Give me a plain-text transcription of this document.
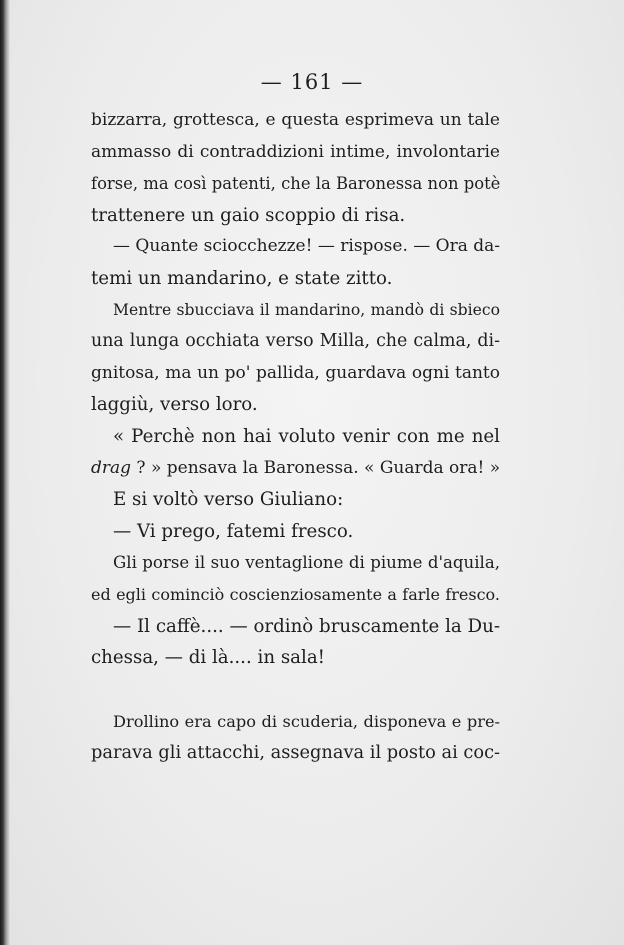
— 161 —
bizzarra, grottesca, e questa esprimeva un tale
ammasso di contraddizioni intime, involontarie
forse, ma così patenti, che la Baronessa non potè
trattenere un gaio scoppio di risa.
— Quante sciocchezze! — rispose. — Ora da-
temi un mandarino, e state zitto.
Mentre sbucciava il mandarino, mandò di sbieco
una lunga occhiata verso Milla, che calma, di-
gnitosa, ma un po' pallida, guardava ogni tanto
laggiù, verso loro.
« Perchè non hai voluto venir con me nel
drag ? » pensava la Baronessa. « Guarda ora! »
E si voltò verso Giuliano:
— Vi prego, fatemi fresco.
Gli porse il suo ventaglione di piume d'aquila,
ed egli cominciò coscienziosamente a farle fresco.
— Il caffè.... — ordinò bruscamente la Du-
chessa, — di là.... in sala!
Drollino era capo di scuderia, disponeva e pre-
parava gli attacchi, assegnava il posto ai coc-
